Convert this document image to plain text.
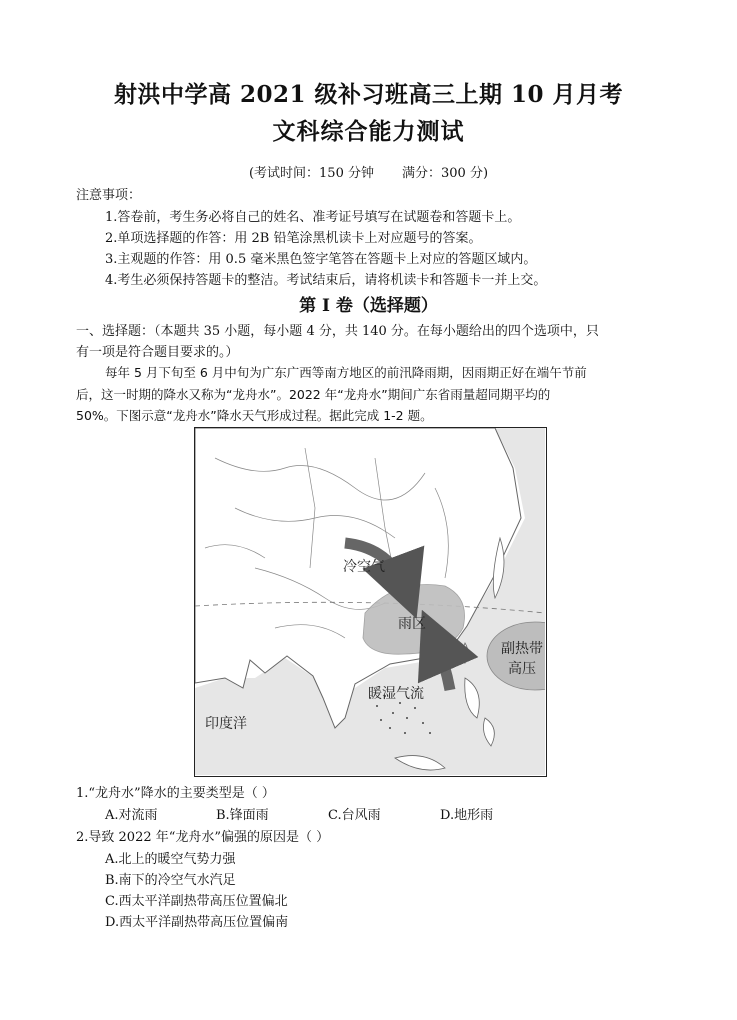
射洪中学高 2021 级补习班高三上期 10 月月考
文科综合能力测试
(考试时间：150 分钟 满分：300 分)
注意事项：
1.答卷前，考生务必将自己的姓名、准考证号填写在试题卷和答题卡上。
2.单项选择题的作答：用 2B 铅笔涂黑机读卡上对应题号的答案。
3.主观题的作答：用 0.5 毫米黑色签字笔答在答题卡上对应的答题区域内。
4.考生必须保持答题卡的整洁。考试结束后，请将机读卡和答题卡一并上交。
第 I 卷（选择题）
一、选择题：（本题共 35 小题，每小题 4 分，共 140 分。在每小题给出的四个选项中，只
有一项是符合题目要求的。）
每年 5 月下旬至 6 月中旬为广东广西等南方地区的前汛降雨期，因雨期正好在端午节前
后，这一时期的降水又称为“龙舟水”。2022 年“龙舟水”期间广东省雨量超同期平均的
50%。下图示意“龙舟水”降水天气形成过程。据此完成 1-2 题。
冷空气
雨区
副热带
高压
暖湿气流
印度洋
1.“龙舟水”降水的主要类型是（ ）
A.对流雨	B.锋面雨	C.台风雨	D.地形雨
2.导致 2022 年“龙舟水”偏强的原因是（ ）
A.北上的暖空气势力强
B.南下的冷空气水汽足
C.西太平洋副热带高压位置偏北
D.西太平洋副热带高压位置偏南
